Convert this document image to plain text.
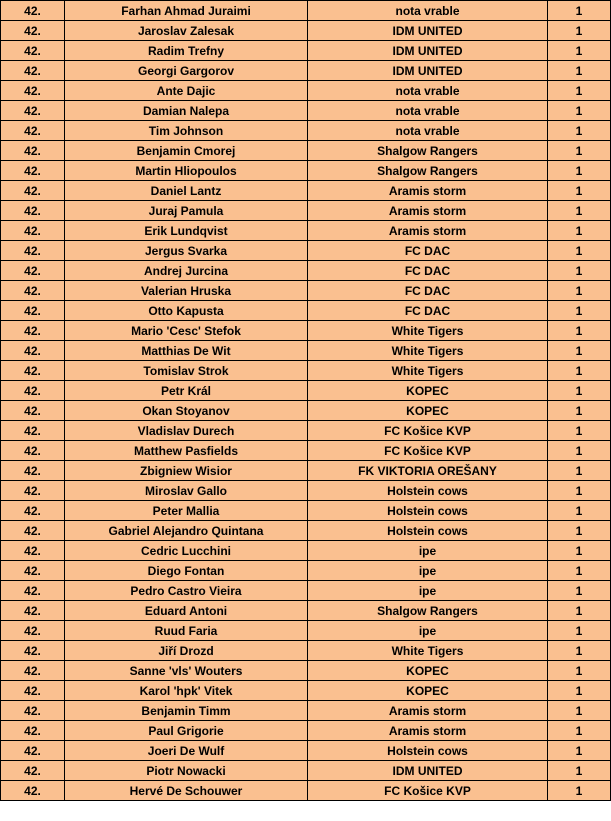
42.	Farhan Ahmad Juraimi	nota vrable	1
42.	Jaroslav Zalesak	IDM UNITED	1
42.	Radim Trefny	IDM UNITED	1
42.	Georgi Gargorov	IDM UNITED	1
42.	Ante Dajic	nota vrable	1
42.	Damian Nalepa	nota vrable	1
42.	Tim Johnson	nota vrable	1
42.	Benjamin Cmorej	Shalgow Rangers	1
42.	Martin Hliopoulos	Shalgow Rangers	1
42.	Daniel Lantz	Aramis storm	1
42.	Juraj Pamula	Aramis storm	1
42.	Erik Lundqvist	Aramis storm	1
42.	Jergus Svarka	FC DAC	1
42.	Andrej Jurcina	FC DAC	1
42.	Valerian Hruska	FC DAC	1
42.	Otto Kapusta	FC DAC	1
42.	Mario 'Cesc' Stefok	White Tigers	1
42.	Matthias De Wit	White Tigers	1
42.	Tomislav Strok	White Tigers	1
42.	Petr Král	KOPEC	1
42.	Okan Stoyanov	KOPEC	1
42.	Vladislav Durech	FC Košice KVP	1
42.	Matthew Pasfields	FC Košice KVP	1
42.	Zbigniew Wisior	FK VIKTORIA OREŠANY	1
42.	Miroslav Gallo	Holstein cows	1
42.	Peter Mallia	Holstein cows	1
42.	Gabriel Alejandro Quintana	Holstein cows	1
42.	Cedric Lucchini	ipe	1
42.	Diego Fontan	ipe	1
42.	Pedro Castro Vieira	ipe	1
42.	Eduard Antoni	Shalgow Rangers	1
42.	Ruud Faria	ipe	1
42.	Jiří Drozd	White Tigers	1
42.	Sanne 'vls' Wouters	KOPEC	1
42.	Karol 'hpk' Vitek	KOPEC	1
42.	Benjamin Timm	Aramis storm	1
42.	Paul Grigorie	Aramis storm	1
42.	Joeri De Wulf	Holstein cows	1
42.	Piotr Nowacki	IDM UNITED	1
42.	Hervé De Schouwer	FC Košice KVP	1
